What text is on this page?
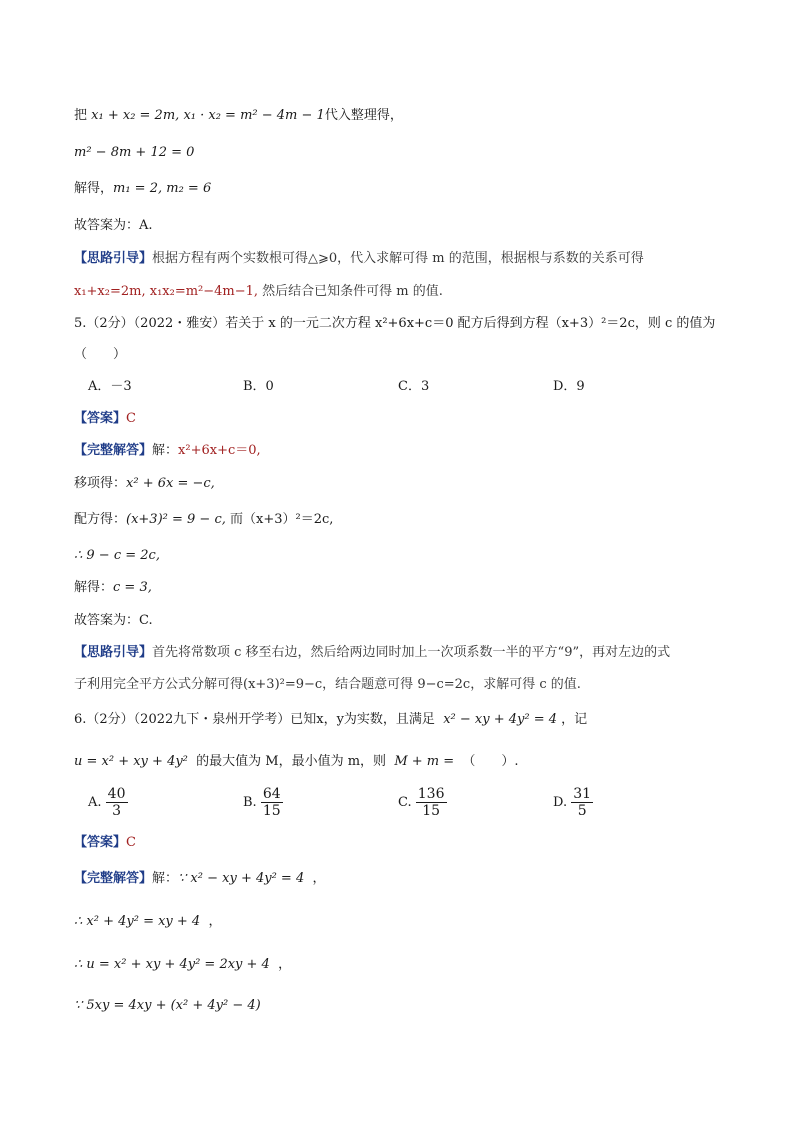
把 x₁ + x₂ = 2m, x₁ · x₂ = m² − 4m − 1代入整理得，
m² − 8m + 12 = 0
解得，m₁ = 2, m₂ = 6
故答案为：A.
【思路引导】根据方程有两个实数根可得△⩾0，代入求解可得 m 的范围，根据根与系数的关系可得
x₁+x₂=2m, x₁x₂=m²−4m−1, 然后结合已知条件可得 m 的值.
5.（2分）（2022・雅安）若关于 x 的一元二次方程 x²+6x+c＝0 配方后得到方程（x+3）²＝2c，则 c 的值为
（　　）
A．－3	B．0	C．3	D．9
【答案】C
【完整解答】解：x²+6x+c＝0,
移项得：x² + 6x = −c,
配方得：(x+3)² = 9 − c, 而（x+3）²＝2c,
∴ 9 − c = 2c,
解得：c = 3,
故答案为：C.
【思路引导】首先将常数项 c 移至右边，然后给两边同时加上一次项系数一半的平方“9”，再对左边的式
子利用完全平方公式分解可得(x+3)²=9−c，结合题意可得 9−c=2c，求解可得 c 的值.
6.（2分）（2022九下・泉州开学考）已知x，y为实数，且满足 x² − xy + 4y² = 4 ，记
u = x² + xy + 4y² 的最大值为 M，最小值为 m，则 M + m = （　　）.
A. $\frac{40}{3}$	B. $\frac{64}{15}$	C. $\frac{136}{15}$	D. $\frac{31}{5}$
【答案】C
【完整解答】解：∵ x² − xy + 4y² = 4 ，
∴ x² + 4y² = xy + 4 ，
∴ u = x² + xy + 4y² = 2xy + 4 ，
∵ 5xy = 4xy + (x² + 4y² − 4)
